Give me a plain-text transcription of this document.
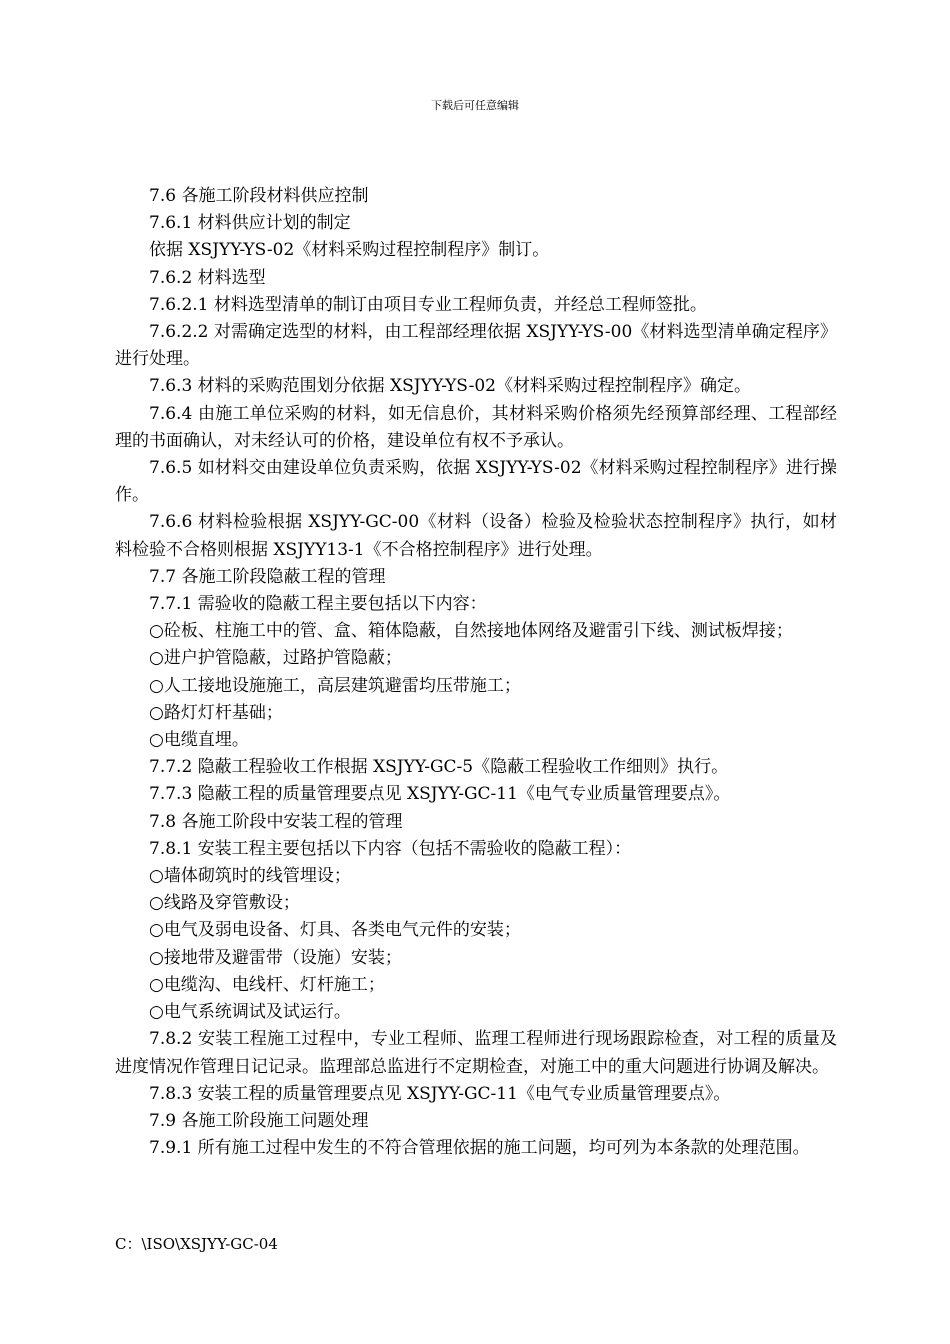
下载后可任意编辑

7.6 各施工阶段材料供应控制

7.6.1 材料供应计划的制定

依据 XSJYY-YS-02《材料采购过程控制程序》制订。

7.6.2 材料选型

7.6.2.1 材料选型清单的制订由项目专业工程师负责，并经总工程师签批。

7.6.2.2 对需确定选型的材料，由工程部经理依据 XSJYY-YS-00《材料选型清单确定程序》进行处理。

7.6.3 材料的采购范围划分依据 XSJYY-YS-02《材料采购过程控制程序》确定。

7.6.4 由施工单位采购的材料，如无信息价，其材料采购价格须先经预算部经理、工程部经理的书面确认，对未经认可的价格，建设单位有权不予承认。

7.6.5 如材料交由建设单位负责采购，依据 XSJYY-YS-02《材料采购过程控制程序》进行操作。

7.6.6 材料检验根据 XSJYY-GC-00《材料（设备）检验及检验状态控制程序》执行，如材料检验不合格则根据 XSJYY13-1《不合格控制程序》进行处理。

7.7 各施工阶段隐蔽工程的管理

7.7.1 需验收的隐蔽工程主要包括以下内容：

○砼板、柱施工中的管、盒、箱体隐蔽，自然接地体网络及避雷引下线、测试板焊接；

○进户护管隐蔽，过路护管隐蔽；

○人工接地设施施工，高层建筑避雷均压带施工；

○路灯灯杆基础；

○电缆直埋。

7.7.2 隐蔽工程验收工作根据 XSJYY-GC-5《隐蔽工程验收工作细则》执行。

7.7.3 隐蔽工程的质量管理要点见 XSJYY-GC-11《电气专业质量管理要点》。

7.8 各施工阶段中安装工程的管理

7.8.1 安装工程主要包括以下内容（包括不需验收的隐蔽工程）：

○墙体砌筑时的线管埋设；

○线路及穿管敷设；

○电气及弱电设备、灯具、各类电气元件的安装；

○接地带及避雷带（设施）安装；

○电缆沟、电线杆、灯杆施工；

○电气系统调试及试运行。

7.8.2 安装工程施工过程中，专业工程师、监理工程师进行现场跟踪检查，对工程的质量及进度情况作管理日记记录。监理部总监进行不定期检查，对施工中的重大问题进行协调及解决。

7.8.3 安装工程的质量管理要点见 XSJYY-GC-11《电气专业质量管理要点》。

7.9 各施工阶段施工问题处理

7.9.1 所有施工过程中发生的不符合管理依据的施工问题，均可列为本条款的处理范围。

C：\ISO\XSJYY-GC-04
